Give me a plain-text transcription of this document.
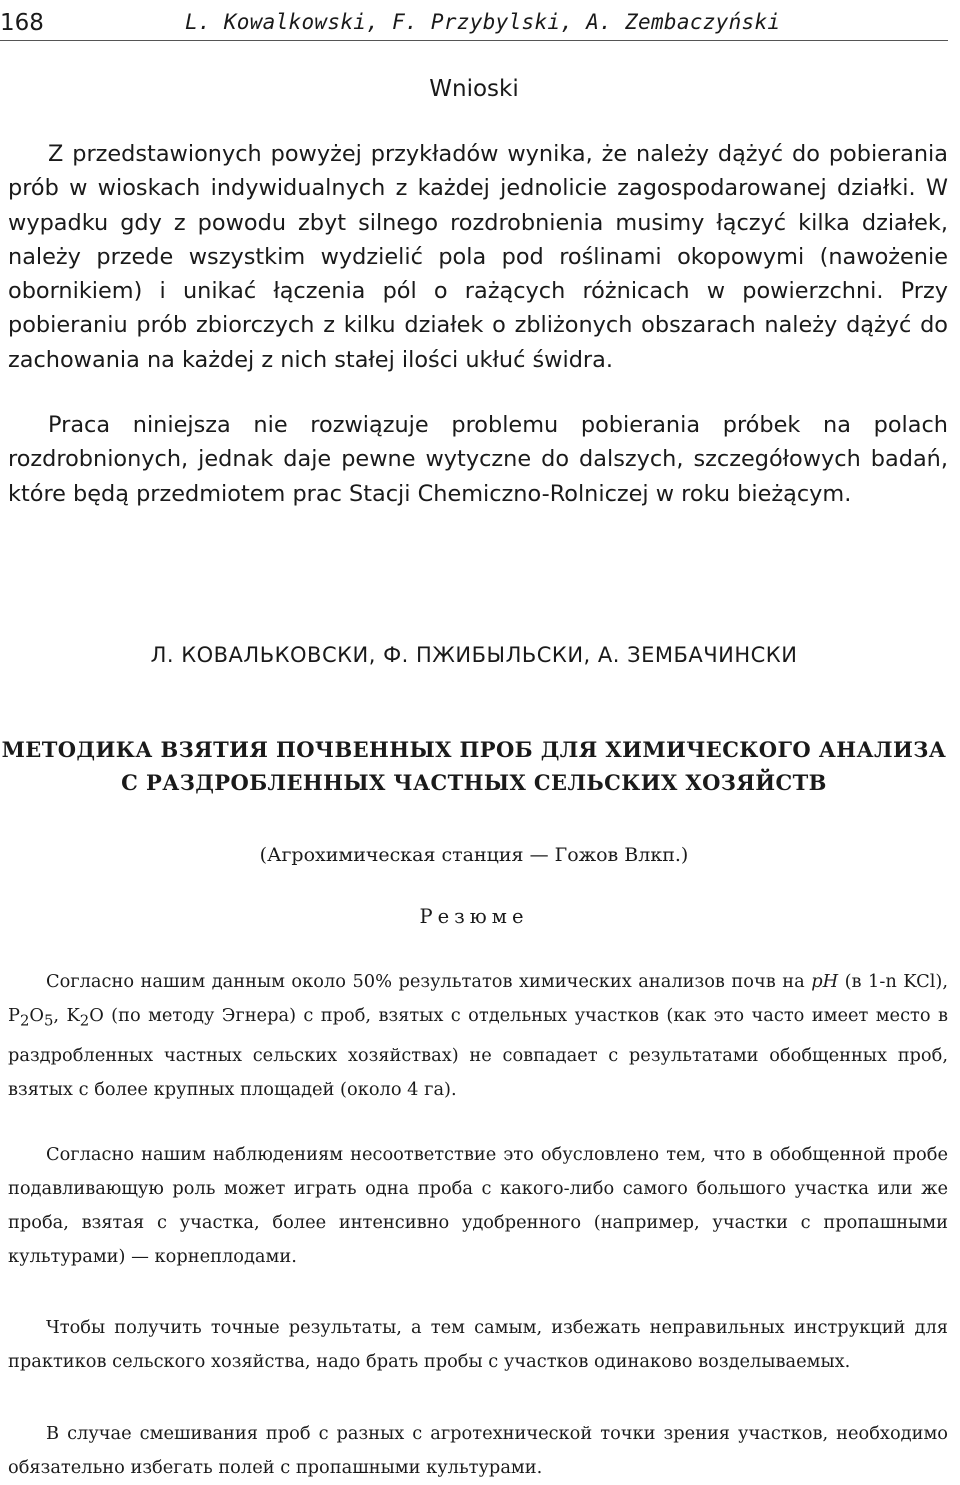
168	L. Kowalkowski, F. Przybylski, A. Zembaczyński
Wnioski

Z przedstawionych powyżej przykładów wynika, że należy dążyć do pobierania prób w wioskach indywidualnych z każdej jednolicie zagospodarowanej działki. W wypadku gdy z powodu zbyt silnego rozdrobnienia musimy łączyć kilka działek, należy przede wszystkim wydzielić pola pod roślinami okopowymi (nawożenie obornikiem) i unikać łączenia pól o rażących różnicach w powierzchni. Przy pobieraniu prób zbiorczych z kilku działek o zbliżonych obszarach należy dążyć do zachowania na każdej z nich stałej ilości ukłuć świdra.

Praca niniejsza nie rozwiązuje problemu pobierania próbek na polach rozdrobnionych, jednak daje pewne wytyczne do dalszych, szczegółowych badań, które będą przedmiotem prac Stacji Chemiczno-Rolniczej w roku bieżącym.

Л. КОВАЛЬКОВСКИ, Ф. ПЖИБЫЛЬСКИ, А. ЗЕМБАЧИНСКИ
МЕТОДИКА ВЗЯТИЯ ПОЧВЕННЫХ ПРОБ ДЛЯ ХИМИЧЕСКОГО АНАЛИЗА
С РАЗДРОБЛЕННЫХ ЧАСТНЫХ СЕЛЬСКИХ ХОЗЯЙСТВ
(Агрохимическая станция — Гожов Влкп.)
Резюме

Согласно нашим данным около 50% результатов химических анализов почв на pH (в 1-n KCl), $P_2O_5$, $K_2O$ (по методу Эгнера) с проб, взятых с отдельных участков (как это часто имеет место в раздробленных частных сельских хозяйствах) не совпадает с результатами обобщенных проб, взятых с более крупных площадей (около 4 га).

Согласно нашим наблюдениям несоответствие это обусловлено тем, что в обобщенной пробе подавливающую роль может играть одна проба с какого-либо самого большого участка или же проба, взятая с участка, более интенсивно удобренного (например, участки с пропашными культурами) — корнеплодами.

Чтобы получить точные результаты, а тем самым, избежать неправильных инструкций для практиков сельского хозяйства, надо брать пробы с участков одинаково возделываемых.

В случае смешивания проб с разных с агротехнической точки зрения участков, необходимо обязательно избегать полей с пропашными культурами.
